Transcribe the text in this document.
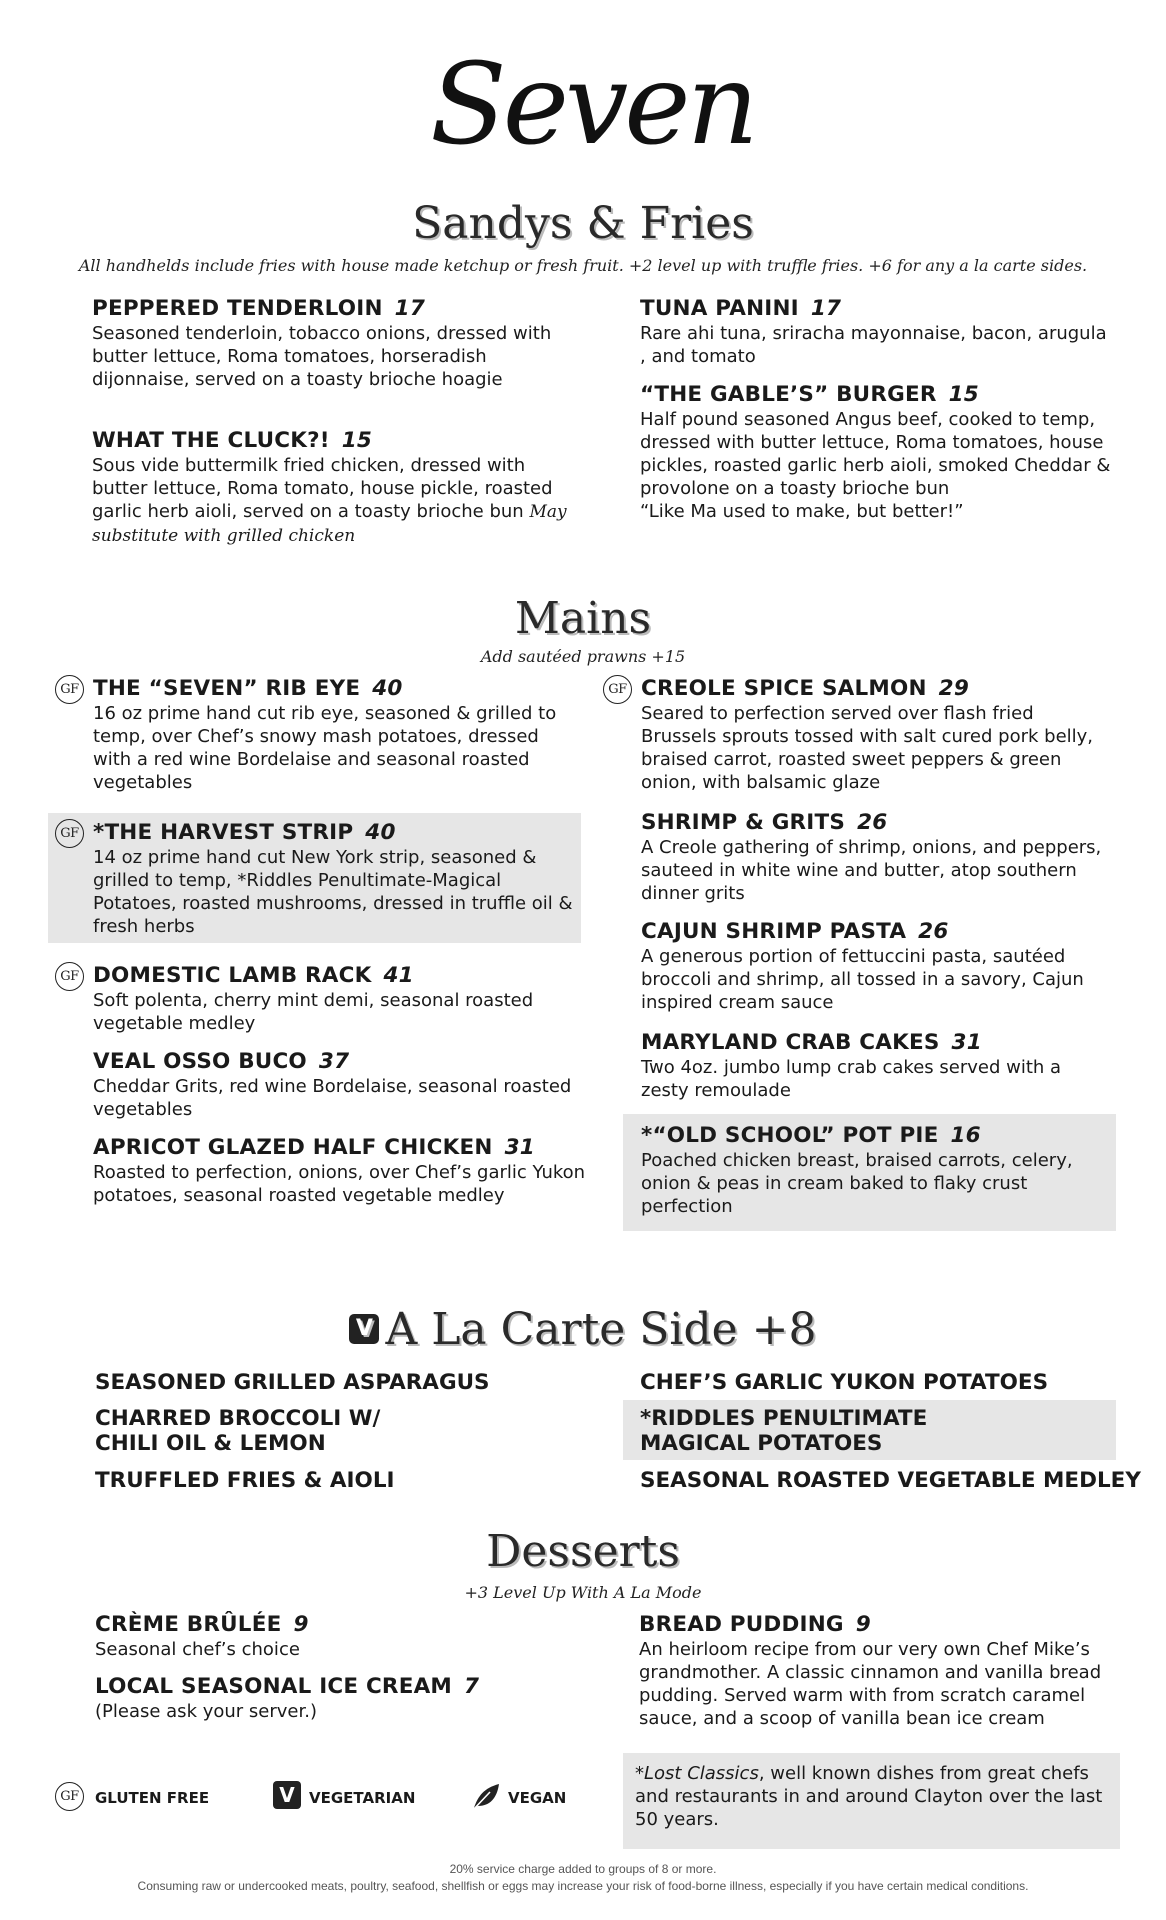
Seven
Sandys & Fries
All handhelds include fries with house made ketchup or fresh fruit. +2 level up with truffle fries. +6 for any a la carte sides.
PEPPERED TENDERLOIN 17
Seasoned tenderloin, tobacco onions, dressed with butter lettuce, Roma tomatoes, horseradish dijonnaise, served on a toasty brioche hoagie
WHAT THE CLUCK?! 15
Sous vide buttermilk fried chicken, dressed with butter lettuce, Roma tomato, house pickle, roasted garlic herb aioli, served on a toasty brioche bun May substitute with grilled chicken
TUNA PANINI 17
Rare ahi tuna, sriracha mayonnaise, bacon, arugula , and tomato
“THE GABLE’S” BURGER 15
Half pound seasoned Angus beef, cooked to temp, dressed with butter lettuce, Roma tomatoes, house pickles, roasted garlic herb aioli, smoked Cheddar & provolone on a toasty brioche bun
“Like Ma used to make, but better!”
Mains
Add sautéed prawns +15
GF THE “SEVEN” RIB EYE 40
16 oz prime hand cut rib eye, seasoned & grilled to temp, over Chef’s snowy mash potatoes, dressed with a red wine Bordelaise and seasonal roasted vegetables
GF *THE HARVEST STRIP 40
14 oz prime hand cut New York strip, seasoned & grilled to temp, *Riddles Penultimate-Magical Potatoes, roasted mushrooms, dressed in truffle oil & fresh herbs
GF DOMESTIC LAMB RACK 41
Soft polenta, cherry mint demi, seasonal roasted vegetable medley
VEAL OSSO BUCO 37
Cheddar Grits, red wine Bordelaise, seasonal roasted vegetables
APRICOT GLAZED HALF CHICKEN 31
Roasted to perfection, onions, over Chef’s garlic Yukon potatoes, seasonal roasted vegetable medley
GF CREOLE SPICE SALMON 29
Seared to perfection served over flash fried Brussels sprouts tossed with salt cured pork belly, braised carrot, roasted sweet peppers & green onion, with balsamic glaze
SHRIMP & GRITS 26
A Creole gathering of shrimp, onions, and peppers, sauteed in white wine and butter, atop southern dinner grits
CAJUN SHRIMP PASTA 26
A generous portion of fettuccini pasta, sautéed broccoli and shrimp, all tossed in a savory, Cajun inspired cream sauce
MARYLAND CRAB CAKES 31
Two 4oz. jumbo lump crab cakes served with a zesty remoulade
*“OLD SCHOOL” POT PIE 16
Poached chicken breast, braised carrots, celery, onion & peas in cream baked to flaky crust perfection
V A La Carte Side +8
SEASONED GRILLED ASPARAGUS
CHARRED BROCCOLI W/
CHILI OIL & LEMON
TRUFFLED FRIES & AIOLI
CHEF’S GARLIC YUKON POTATOES
*RIDDLES PENULTIMATE
MAGICAL POTATOES
SEASONAL ROASTED VEGETABLE MEDLEY
Desserts
+3 Level Up With A La Mode
CRÈME BRÛLÉE 9
Seasonal chef’s choice
LOCAL SEASONAL ICE CREAM 7
(Please ask your server.)
BREAD PUDDING 9
An heirloom recipe from our very own Chef Mike’s grandmother. A classic cinnamon and vanilla bread pudding. Served warm with from scratch caramel sauce, and a scoop of vanilla bean ice cream
GF	GLUTEN FREE	V VEGETARIAN	VEGAN
*Lost Classics, well known dishes from great chefs and restaurants in and around Clayton over the last 50 years.
20% service charge added to groups of 8 or more.
Consuming raw or undercooked meats, poultry, seafood, shellfish or eggs may increase your risk of food-borne illness, especially if you have certain medical conditions.
